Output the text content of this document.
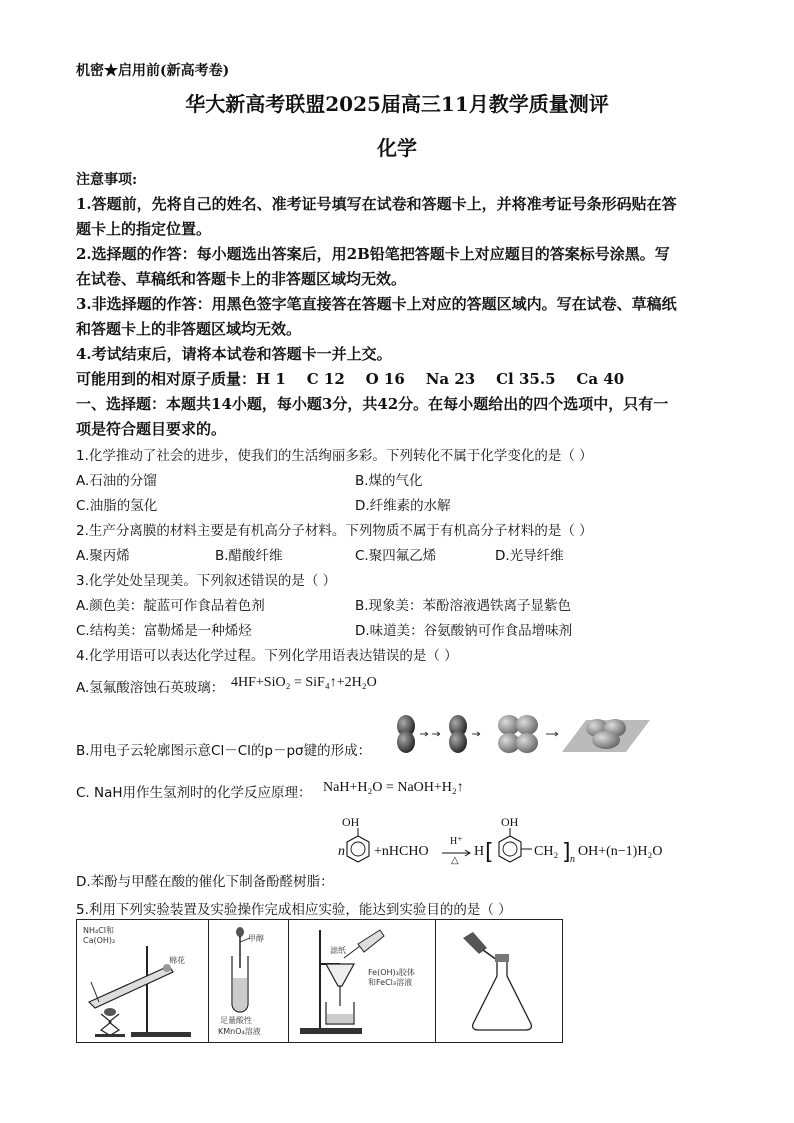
机密★启用前(新高考卷)
华大新高考联盟2025届高三11月教学质量测评
化学
注意事项:
1.答题前，先将自己的姓名、准考证号填写在试卷和答题卡上，并将准考证号条形码贴在答
题卡上的指定位置。
2.选择题的作答：每小题选出答案后，用2B铅笔把答题卡上对应题目的答案标号涂黑。写
在试卷、草稿纸和答题卡上的非答题区域均无效。
3.非选择题的作答：用黑色签字笔直接答在答题卡上对应的答题区域内。写在试卷、草稿纸
和答题卡上的非答题区域均无效。
4.考试结束后，请将本试卷和答题卡一并上交。
可能用到的相对原子质量：H 1    C 12    O 16    Na 23    Cl 35.5    Ca 40
一、选择题：本题共14小题，每小题3分，共42分。在每小题给出的四个选项中，只有一
项是符合题目要求的。
1.化学推动了社会的进步，使我们的生活绚丽多彩。下列转化不属于化学变化的是（ ）
A.石油的分馏	B.煤的气化
C.油脂的氢化	D.纤维素的水解
2.生产分离膜的材料主要是有机高分子材料。下列物质不属于有机高分子材料的是（ ）
A.聚丙烯	B.醋酸纤维	C.聚四氟乙烯	D.光导纤维
3.化学处处呈现美。下列叙述错误的是（ ）
A.颜色美：靛蓝可作食品着色剂	B.现象美：苯酚溶液遇铁离子显紫色
C.结构美：富勒烯是一种烯烃	D.味道美：谷氨酸钠可作食品增味剂
4.化学用语可以表达化学过程。下列化学用语表达错误的是（ ）
A.氢氟酸溶蚀石英玻璃： 4HF+SiO₂ = SiF₄↑+2H₂O
B.用电子云轮廓图示意Cl－Cl的p－pσ键的形成：
C. NaH用作生氢剂时的化学反应原理： NaH+H₂O = NaOH+H₂↑
D.苯酚与甲醛在酸的催化下制备酚醛树脂：
OH
n +nHCHO
H⁺
△
H [
OH
CH₂ ] n
OH+(n−1)H₂O
5.利用下列实验装置及实验操作完成相应实验，能达到实验目的的是（ ）
NH₄Cl和
Ca(OH)₂
棉花
甲醇
足量酸性
KMnO₄溶液
滤纸
Fe(OH)₃胶体
和FeCl₃溶液
